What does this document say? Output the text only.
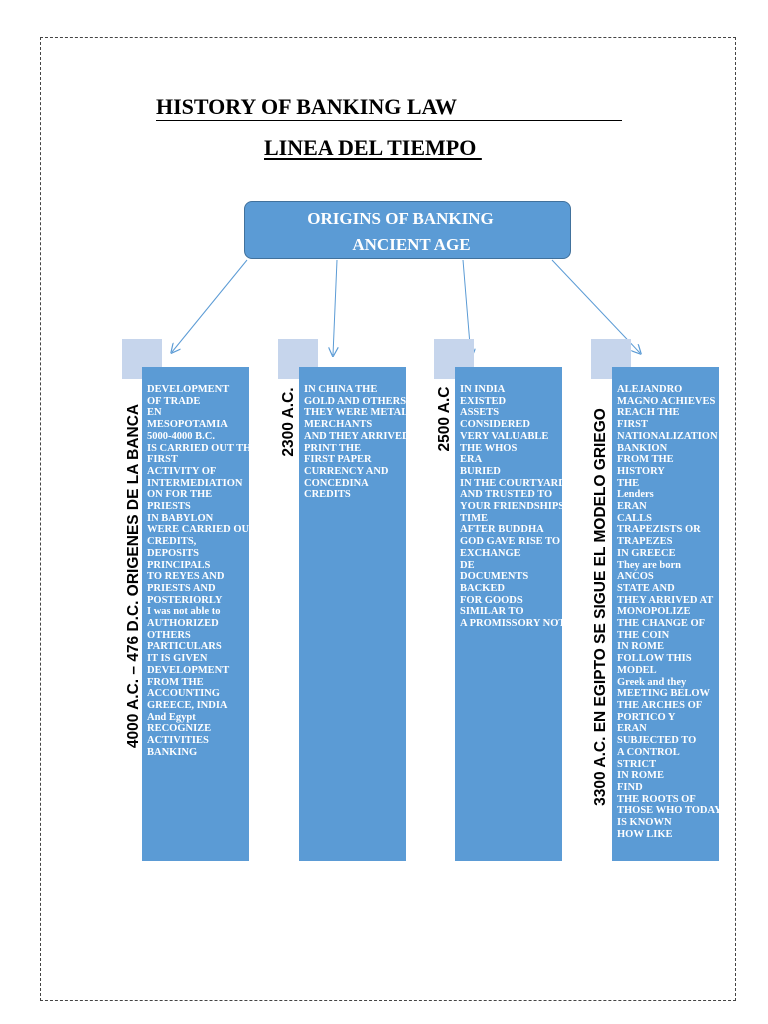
HISTORY OF BANKING LAW
LINEA DEL TIEMPO
ORIGINS OF BANKING
ANCIENT AGE
4000 A.C. – 476 D.C. ORIGENES DE LA BANCA
DEVELOPMENT
OF TRADE
EN
MESOPOTAMIA
5000-4000 B.C.
IS CARRIED OUT THE
FIRST
ACTIVITY OF
INTERMEDIATION
ON FOR THE
PRIESTS
IN BABYLON
WERE CARRIED OUT
CREDITS,
DEPOSITS
PRINCIPALS
TO REYES AND
PRIESTS AND
POSTERIORLY
I was not able to
AUTHORIZED
OTHERS
PARTICULARS
IT IS GIVEN
DEVELOPMENT
FROM THE
ACCOUNTING
GREECE, INDIA
And Egypt
RECOGNIZE
ACTIVITIES
BANKING
2300 A.C. IN CHINA THE
GOLD AND OTHERS
THEY WERE METALS
MERCHANTS
AND THEY ARRIVED AT
PRINT THE
FIRST PAPER
CURRENCY AND
CONCEDINA
CREDITS
2500 A.C IN INDIA
EXISTED
ASSETS
CONSIDERED
VERY VALUABLE
THE WHOS
ERA
BURIED
IN THE COURTYARDS
AND TRUSTED TO
YOUR FRIENDSHIPS
TIME
AFTER BUDDHA
GOD GAVE RISE TO
EXCHANGE
DE
DOCUMENTS
BACKED
FOR GOODS
SIMILAR TO
A PROMISSORY NOTE 3300 A.C. EN EGIPTO SE SIGUE EL MODELO GRIEGO
ALEJANDRO
MAGNO ACHIEVES
REACH THE
FIRST
NATIONALIZATION
BANKION
FROM THE
HISTORY
THE
Lenders
ERAN
CALLS
TRAPEZISTS OR
TRAPEZES
IN GREECE
They are born
ANCOS
STATE AND
THEY ARRIVED AT
MONOPOLIZE
THE CHANGE OF
THE COIN
IN ROME
FOLLOW THIS
MODEL
Greek and they
MEETING BELOW
THE ARCHES OF
PORTICO Y
ERAN
SUBJECTED TO
A CONTROL
STRICT
IN ROME
FIND
THE ROOTS OF
THOSE WHO TODAY
IS KNOWN
HOW LIKE
